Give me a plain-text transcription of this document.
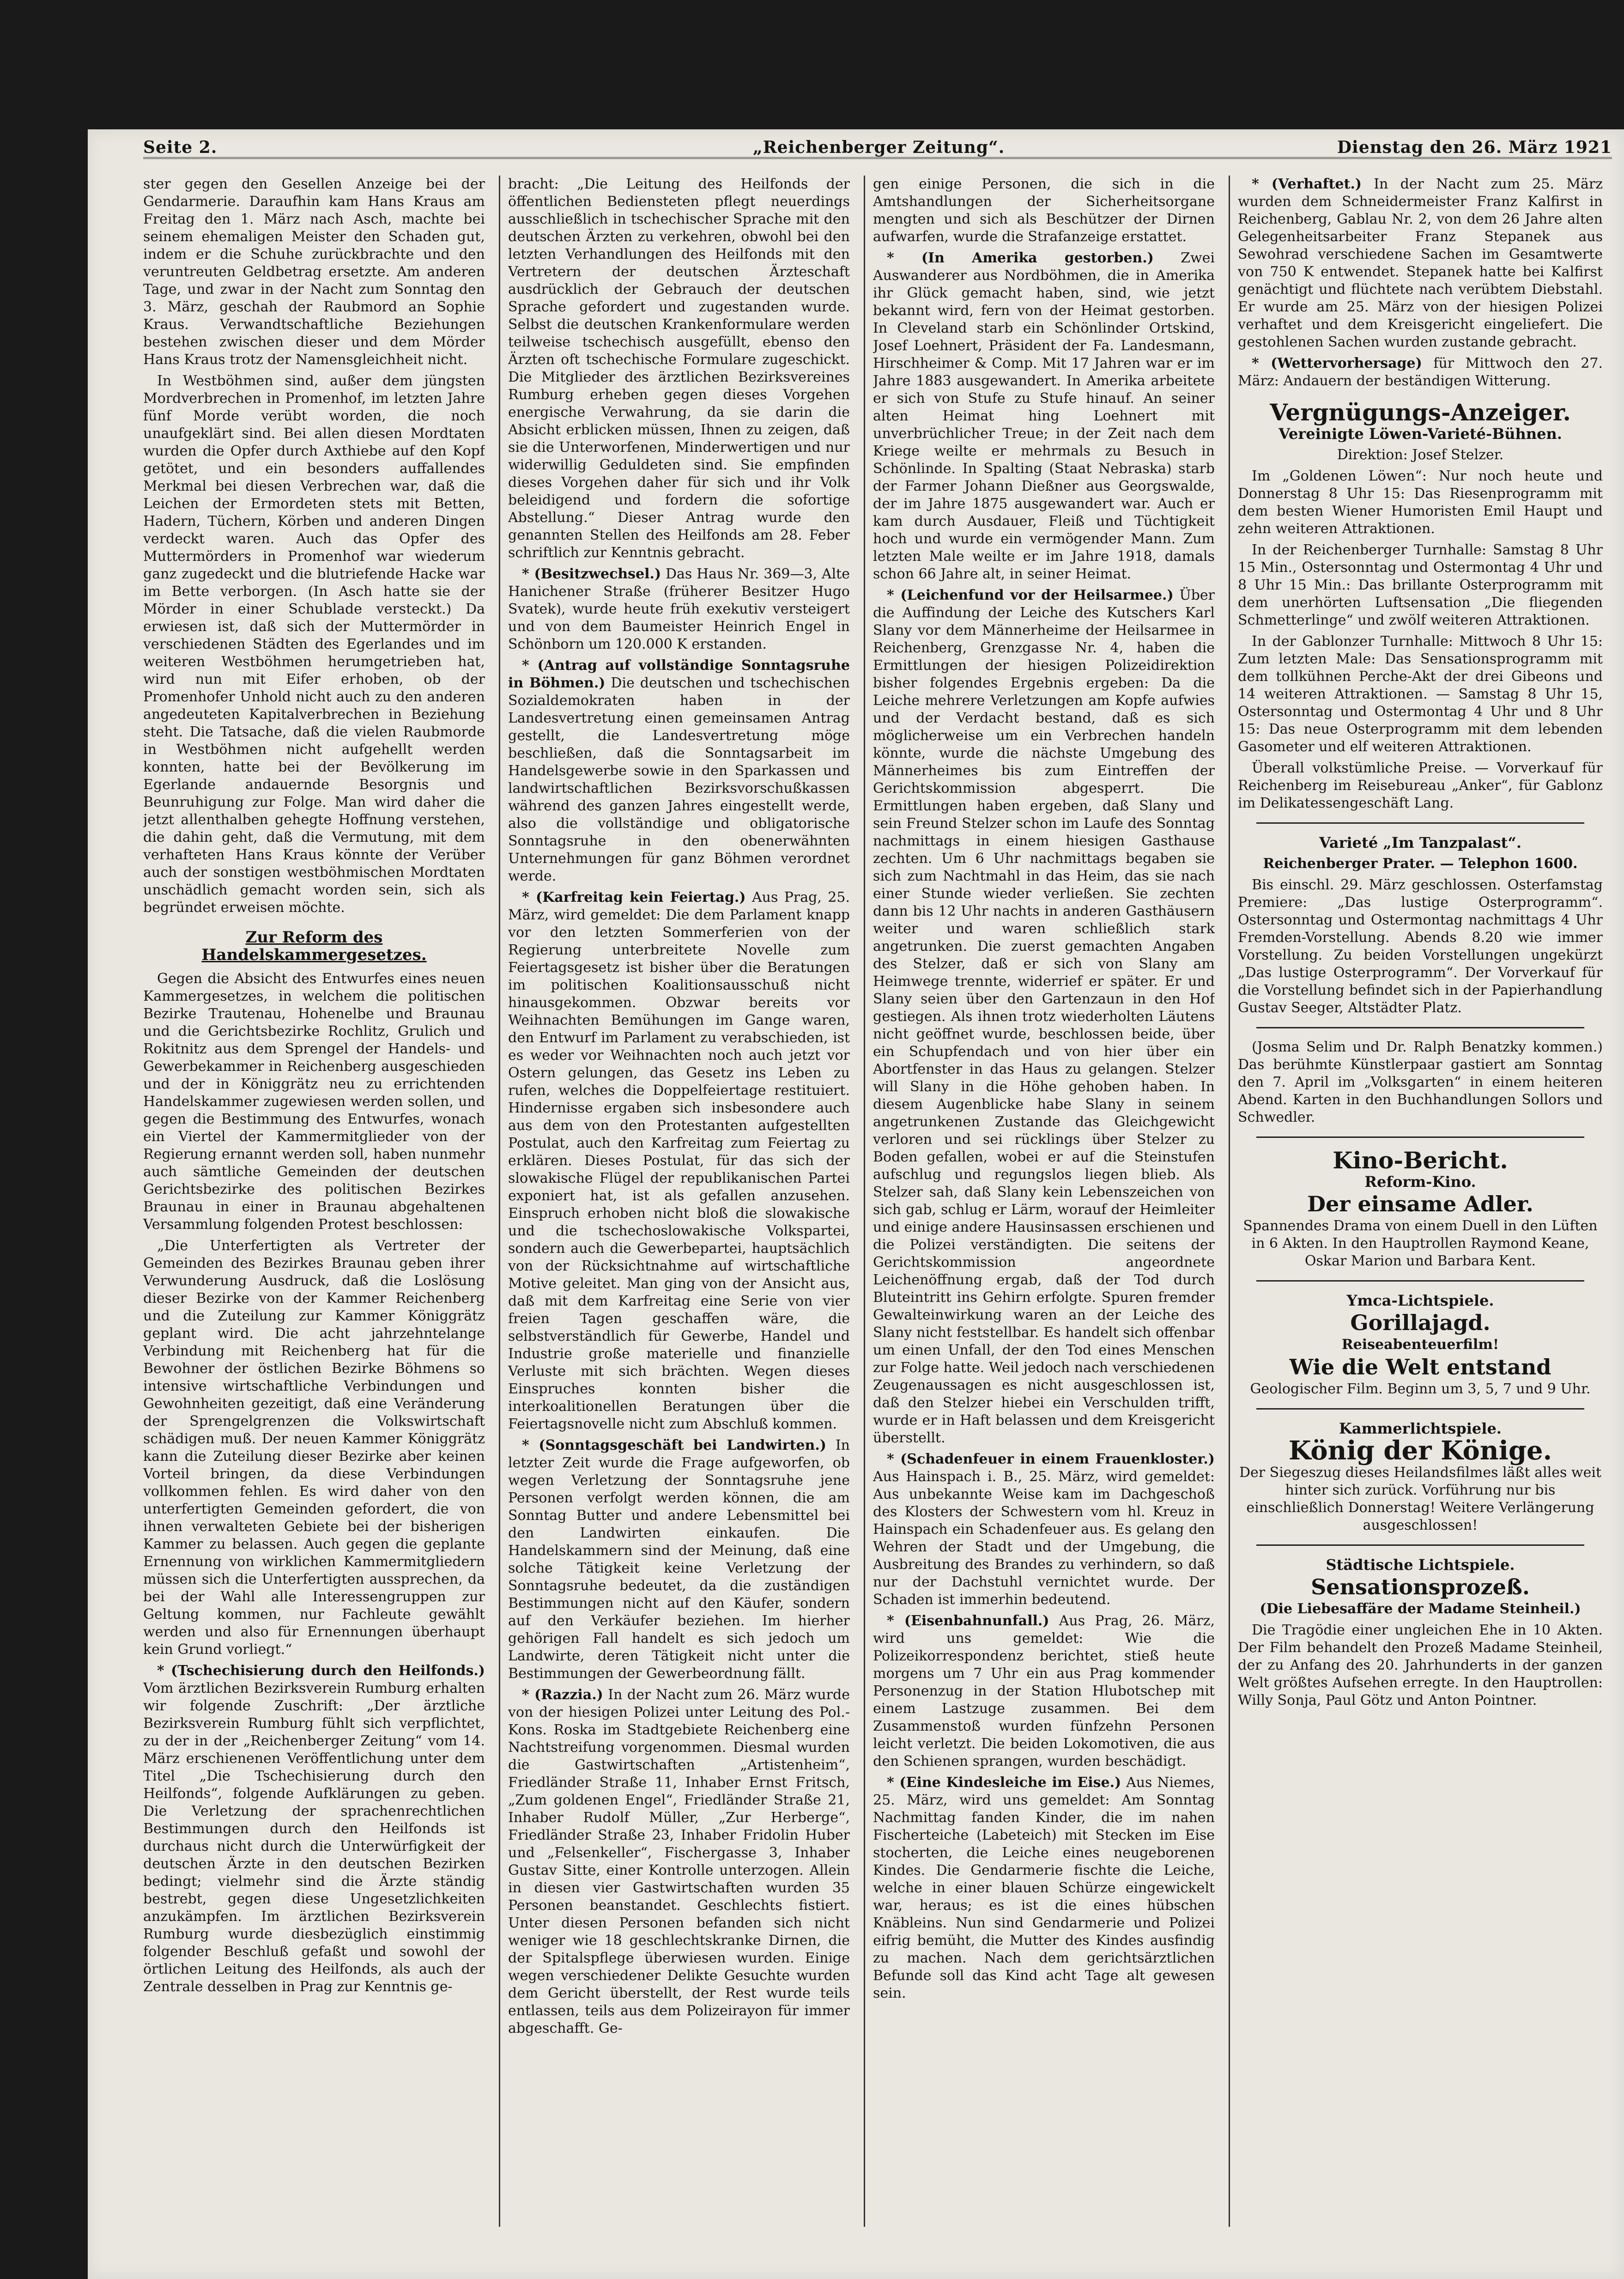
Seite 2.	„Reichenberger Zeitung“.	Dienstag den 26. März 1921

ster gegen den Gesellen Anzeige bei der Gendarmerie. Daraufhin kam Hans Kraus am Freitag den 1. März nach Asch, machte bei seinem ehemaligen Meister den Schaden gut, indem er die Schuhe zurückbrachte und den veruntreuten Geldbetrag ersetzte. Am anderen Tage, und zwar in der Nacht zum Sonntag den 3. März, geschah der Raubmord an Sophie Kraus. Verwandtschaftliche Beziehungen bestehen zwischen dieser und dem Mörder Hans Kraus trotz der Namensgleichheit nicht.

In Westböhmen sind, außer dem jüngsten Mordverbrechen in Promenhof, im letzten Jahre fünf Morde verübt worden, die noch unaufgeklärt sind. Bei allen diesen Mordtaten wurden die Opfer durch Axthiebe auf den Kopf getötet, und ein besonders auffallendes Merkmal bei diesen Verbrechen war, daß die Leichen der Ermordeten stets mit Betten, Hadern, Tüchern, Körben und anderen Dingen verdeckt waren. Auch das Opfer des Muttermörders in Promenhof war wiederum ganz zugedeckt und die blutriefende Hacke war im Bette verborgen. (In Asch hatte sie der Mörder in einer Schublade versteckt.) Da erwiesen ist, daß sich der Muttermörder in verschiedenen Städten des Egerlandes und im weiteren Westböhmen herumgetrieben hat, wird nun mit Eifer erhoben, ob der Promenhofer Unhold nicht auch zu den anderen angedeuteten Kapitalverbrechen in Beziehung steht. Die Tatsache, daß die vielen Raubmorde in Westböhmen nicht aufgehellt werden konnten, hatte bei der Bevölkerung im Egerlande andauernde Besorgnis und Beunruhigung zur Folge. Man wird daher die jetzt allenthalben gehegte Hoffnung verstehen, die dahin geht, daß die Vermutung, mit dem verhafteten Hans Kraus könnte der Verüber auch der sonstigen westböhmischen Mordtaten unschädlich gemacht worden sein, sich als begründet erweisen möchte.

Zur Reform des Handelskammergesetzes.

Gegen die Absicht des Entwurfes eines neuen Kammergesetzes, in welchem die politischen Bezirke Trautenau, Hohenelbe und Braunau und die Gerichtsbezirke Rochlitz, Grulich und Rokitnitz aus dem Sprengel der Handels- und Gewerbekammer in Reichenberg ausgeschieden und der in Königgrätz neu zu errichtenden Handelskammer zugewiesen werden sollen, und gegen die Bestimmung des Entwurfes, wonach ein Viertel der Kammermitglieder von der Regierung ernannt werden soll, haben nunmehr auch sämtliche Gemeinden der deutschen Gerichtsbezirke des politischen Bezirkes Braunau in einer in Braunau abgehaltenen Versammlung folgenden Protest beschlossen:

„Die Unterfertigten als Vertreter der Gemeinden des Bezirkes Braunau geben ihrer Verwunderung Ausdruck, daß die Loslösung dieser Bezirke von der Kammer Reichenberg und die Zuteilung zur Kammer Königgrätz geplant wird. Die acht jahrzehntelange Verbindung mit Reichenberg hat für die Bewohner der östlichen Bezirke Böhmens so intensive wirtschaftliche Verbindungen und Gewohnheiten gezeitigt, daß eine Veränderung der Sprengelgrenzen die Volkswirtschaft schädigen muß. Der neuen Kammer Königgrätz kann die Zuteilung dieser Bezirke aber keinen Vorteil bringen, da diese Verbindungen vollkommen fehlen. Es wird daher von den unterfertigten Gemeinden gefordert, die von ihnen verwalteten Gebiete bei der bisherigen Kammer zu belassen. Auch gegen die geplante Ernennung von wirklichen Kammermitgliedern müssen sich die Unterfertigten aussprechen, da bei der Wahl alle Interessengruppen zur Geltung kommen, nur Fachleute gewählt werden und also für Ernennungen überhaupt kein Grund vorliegt.“

* (Tschechisierung durch den Heilfonds.) Vom ärztlichen Bezirksverein Rumburg erhalten wir folgende Zuschrift: „Der ärztliche Bezirksverein Rumburg fühlt sich verpflichtet, zu der in der „Reichenberger Zeitung“ vom 14. März erschienenen Veröffentlichung unter dem Titel „Die Tschechisierung durch den Heilfonds“, folgende Aufklärungen zu geben. Die Verletzung der sprachenrechtlichen Bestimmungen durch den Heilfonds ist durchaus nicht durch die Unterwürfigkeit der deutschen Ärzte in den deutschen Bezirken bedingt; vielmehr sind die Ärzte ständig bestrebt, gegen diese Ungesetzlichkeiten anzukämpfen. Im ärztlichen Bezirksverein Rumburg wurde diesbezüglich einstimmig folgender Beschluß gefaßt und sowohl der örtlichen Leitung des Heilfonds, als auch der Zentrale desselben in Prag zur Kenntnis ge-

bracht: „Die Leitung des Heilfonds der öffentlichen Bediensteten pflegt neuerdings ausschließlich in tschechischer Sprache mit den deutschen Ärzten zu verkehren, obwohl bei den letzten Verhandlungen des Heilfonds mit den Vertretern der deutschen Ärzteschaft ausdrücklich der Gebrauch der deutschen Sprache gefordert und zugestanden wurde. Selbst die deutschen Krankenformulare werden teilweise tschechisch ausgefüllt, ebenso den Ärzten oft tschechische Formulare zugeschickt. Die Mitglieder des ärztlichen Bezirksvereines Rumburg erheben gegen dieses Vorgehen energische Verwahrung, da sie darin die Absicht erblicken müssen, Ihnen zu zeigen, daß sie die Unterworfenen, Minderwertigen und nur widerwillig Geduldeten sind. Sie empfinden dieses Vorgehen daher für sich und ihr Volk beleidigend und fordern die sofortige Abstellung.“ Dieser Antrag wurde den genannten Stellen des Heilfonds am 28. Feber schriftlich zur Kenntnis gebracht.

* (Besitzwechsel.) Das Haus Nr. 369—3, Alte Hanichener Straße (früherer Besitzer Hugo Svatek), wurde heute früh exekutiv versteigert und von dem Baumeister Heinrich Engel in Schönborn um 120.000 K erstanden.

* (Antrag auf vollständige Sonntagsruhe in Böhmen.) Die deutschen und tschechischen Sozialdemokraten haben in der Landesvertretung einen gemeinsamen Antrag gestellt, die Landesvertretung möge beschließen, daß die Sonntagsarbeit im Handelsgewerbe sowie in den Sparkassen und landwirtschaftlichen Bezirksvorschußkassen während des ganzen Jahres eingestellt werde, also die vollständige und obligatorische Sonntagsruhe in den obenerwähnten Unternehmungen für ganz Böhmen verordnet werde.

* (Karfreitag kein Feiertag.) Aus Prag, 25. März, wird gemeldet: Die dem Parlament knapp vor den letzten Sommerferien von der Regierung unterbreitete Novelle zum Feiertagsgesetz ist bisher über die Beratungen im politischen Koalitionsausschuß nicht hinausgekommen. Obzwar bereits vor Weihnachten Bemühungen im Gange waren, den Entwurf im Parlament zu verabschieden, ist es weder vor Weihnachten noch auch jetzt vor Ostern gelungen, das Gesetz ins Leben zu rufen, welches die Doppelfeiertage restituiert. Hindernisse ergaben sich insbesondere auch aus dem von den Protestanten aufgestellten Postulat, auch den Karfreitag zum Feiertag zu erklären. Dieses Postulat, für das sich der slowakische Flügel der republikanischen Partei exponiert hat, ist als gefallen anzusehen. Einspruch erhoben nicht bloß die slowakische und die tschechoslowakische Volkspartei, sondern auch die Gewerbepartei, hauptsächlich von der Rücksichtnahme auf wirtschaftliche Motive geleitet. Man ging von der Ansicht aus, daß mit dem Karfreitag eine Serie von vier freien Tagen geschaffen wäre, die selbstverständlich für Gewerbe, Handel und Industrie große materielle und finanzielle Verluste mit sich brächten. Wegen dieses Einspruches konnten bisher die interkoalitionellen Beratungen über die Feiertagsnovelle nicht zum Abschluß kommen.

* (Sonntagsgeschäft bei Landwirten.) In letzter Zeit wurde die Frage aufgeworfen, ob wegen Verletzung der Sonntagsruhe jene Personen verfolgt werden können, die am Sonntag Butter und andere Lebensmittel bei den Landwirten einkaufen. Die Handelskammern sind der Meinung, daß eine solche Tätigkeit keine Verletzung der Sonntagsruhe bedeutet, da die zuständigen Bestimmungen nicht auf den Käufer, sondern auf den Verkäufer beziehen. Im hierher gehörigen Fall handelt es sich jedoch um Landwirte, deren Tätigkeit nicht unter die Bestimmungen der Gewerbeordnung fällt.

* (Razzia.) In der Nacht zum 26. März wurde von der hiesigen Polizei unter Leitung des Pol.-Kons. Roska im Stadtgebiete Reichenberg eine Nachtstreifung vorgenommen. Diesmal wurden die Gastwirtschaften „Artistenheim“, Friedländer Straße 11, Inhaber Ernst Fritsch, „Zum goldenen Engel“, Friedländer Straße 21, Inhaber Rudolf Müller, „Zur Herberge“, Friedländer Straße 23, Inhaber Fridolin Huber und „Felsenkeller“, Fischergasse 3, Inhaber Gustav Sitte, einer Kontrolle unterzogen. Allein in diesen vier Gastwirtschaften wurden 35 Personen beanstandet. Geschlechts fistiert. Unter diesen Personen befanden sich nicht weniger wie 18 geschlechtskranke Dirnen, die der Spitalspflege überwiesen wurden. Einige wegen verschiedener Delikte Gesuchte wurden dem Gericht überstellt, der Rest wurde teils entlassen, teils aus dem Polizeirayon für immer abgeschafft. Ge-

gen einige Personen, die sich in die Amtshandlungen der Sicherheitsorgane mengten und sich als Beschützer der Dirnen aufwarfen, wurde die Strafanzeige erstattet.

* (In Amerika gestorben.) Zwei Auswanderer aus Nordböhmen, die in Amerika ihr Glück gemacht haben, sind, wie jetzt bekannt wird, fern von der Heimat gestorben. In Cleveland starb ein Schönlinder Ortskind, Josef Loehnert, Präsident der Fa. Landesmann, Hirschheimer & Comp. Mit 17 Jahren war er im Jahre 1883 ausgewandert. In Amerika arbeitete er sich von Stufe zu Stufe hinauf. An seiner alten Heimat hing Loehnert mit unverbrüchlicher Treue; in der Zeit nach dem Kriege weilte er mehrmals zu Besuch in Schönlinde. In Spalting (Staat Nebraska) starb der Farmer Johann Dießner aus Georgswalde, der im Jahre 1875 ausgewandert war. Auch er kam durch Ausdauer, Fleiß und Tüchtigkeit hoch und wurde ein vermögender Mann. Zum letzten Male weilte er im Jahre 1918, damals schon 66 Jahre alt, in seiner Heimat.

* (Leichenfund vor der Heilsarmee.) Über die Auffindung der Leiche des Kutschers Karl Slany vor dem Männerheime der Heilsarmee in Reichenberg, Grenzgasse Nr. 4, haben die Ermittlungen der hiesigen Polizeidirektion bisher folgendes Ergebnis ergeben: Da die Leiche mehrere Verletzungen am Kopfe aufwies und der Verdacht bestand, daß es sich möglicherweise um ein Verbrechen handeln könnte, wurde die nächste Umgebung des Männerheimes bis zum Eintreffen der Gerichtskommission abgesperrt. Die Ermittlungen haben ergeben, daß Slany und sein Freund Stelzer schon im Laufe des Sonntag nachmittags in einem hiesigen Gasthause zechten. Um 6 Uhr nachmittags begaben sie sich zum Nachtmahl in das Heim, das sie nach einer Stunde wieder verließen. Sie zechten dann bis 12 Uhr nachts in anderen Gasthäusern weiter und waren schließlich stark angetrunken. Die zuerst gemachten Angaben des Stelzer, daß er sich von Slany am Heimwege trennte, widerrief er später. Er und Slany seien über den Gartenzaun in den Hof gestiegen. Als ihnen trotz wiederholten Läutens nicht geöffnet wurde, beschlossen beide, über ein Schupfendach und von hier über ein Abortfenster in das Haus zu gelangen. Stelzer will Slany in die Höhe gehoben haben. In diesem Augenblicke habe Slany in seinem angetrunkenen Zustande das Gleichgewicht verloren und sei rücklings über Stelzer zu Boden gefallen, wobei er auf die Steinstufen aufschlug und regungslos liegen blieb. Als Stelzer sah, daß Slany kein Lebenszeichen von sich gab, schlug er Lärm, worauf der Heimleiter und einige andere Hausinsassen erschienen und die Polizei verständigten. Die seitens der Gerichtskommission angeordnete Leichenöffnung ergab, daß der Tod durch Bluteintritt ins Gehirn erfolgte. Spuren fremder Gewalteinwirkung waren an der Leiche des Slany nicht feststellbar. Es handelt sich offenbar um einen Unfall, der den Tod eines Menschen zur Folge hatte. Weil jedoch nach verschiedenen Zeugenaussagen es nicht ausgeschlossen ist, daß den Stelzer hiebei ein Verschulden trifft, wurde er in Haft belassen und dem Kreisgericht überstellt.

* (Schadenfeuer in einem Frauenkloster.) Aus Hainspach i. B., 25. März, wird gemeldet: Aus unbekannte Weise kam im Dachgeschoß des Klosters der Schwestern vom hl. Kreuz in Hainspach ein Schadenfeuer aus. Es gelang den Wehren der Stadt und der Umgebung, die Ausbreitung des Brandes zu verhindern, so daß nur der Dachstuhl vernichtet wurde. Der Schaden ist immerhin bedeutend.

* (Eisenbahnunfall.) Aus Prag, 26. März, wird uns gemeldet: Wie die Polizeikorrespondenz berichtet, stieß heute morgens um 7 Uhr ein aus Prag kommender Personenzug in der Station Hlubotschep mit einem Lastzuge zusammen. Bei dem Zusammenstoß wurden fünfzehn Personen leicht verletzt. Die beiden Lokomotiven, die aus den Schienen sprangen, wurden beschädigt.

* (Eine Kindesleiche im Eise.) Aus Niemes, 25. März, wird uns gemeldet: Am Sonntag Nachmittag fanden Kinder, die im nahen Fischerteiche (Labeteich) mit Stecken im Eise stocherten, die Leiche eines neugeborenen Kindes. Die Gendarmerie fischte die Leiche, welche in einer blauen Schürze eingewickelt war, heraus; es ist die eines hübschen Knäbleins. Nun sind Gendarmerie und Polizei eifrig bemüht, die Mutter des Kindes ausfindig zu machen. Nach dem gerichtsärztlichen Befunde soll das Kind acht Tage alt gewesen sein.

* (Verhaftet.) In der Nacht zum 25. März wurden dem Schneidermeister Franz Kalfirst in Reichenberg, Gablau Nr. 2, von dem 26 Jahre alten Gelegenheitsarbeiter Franz Stepanek aus Sewohrad verschiedene Sachen im Gesamtwerte von 750 K entwendet. Stepanek hatte bei Kalfirst genächtigt und flüchtete nach verübtem Diebstahl. Er wurde am 25. März von der hiesigen Polizei verhaftet und dem Kreisgericht eingeliefert. Die gestohlenen Sachen wurden zustande gebracht.

* (Wettervorhersage) für Mittwoch den 27. März: Andauern der beständigen Witterung.

Vergnügungs-Anzeiger.
Vereinigte Löwen-Varieté-Bühnen.

Direktion: Josef Stelzer.

Im „Goldenen Löwen“: Nur noch heute und Donnerstag 8 Uhr 15: Das Riesenprogramm mit dem besten Wiener Humoristen Emil Haupt und zehn weiteren Attraktionen.

In der Reichenberger Turnhalle: Samstag 8 Uhr 15 Min., Ostersonntag und Ostermontag 4 Uhr und 8 Uhr 15 Min.: Das brillante Osterprogramm mit dem unerhörten Luftsensation „Die fliegenden Schmetterlinge“ und zwölf weiteren Attraktionen.

In der Gablonzer Turnhalle: Mittwoch 8 Uhr 15: Zum letzten Male: Das Sensationsprogramm mit dem tollkühnen Perche-Akt der drei Gibeons und 14 weiteren Attraktionen. — Samstag 8 Uhr 15, Ostersonntag und Ostermontag 4 Uhr und 8 Uhr 15: Das neue Osterprogramm mit dem lebenden Gasometer und elf weiteren Attraktionen.

Überall volkstümliche Preise. — Vorverkauf für Reichenberg im Reisebureau „Anker“, für Gablonz im Delikatessengeschäft Lang.

Varieté „Im Tanzpalast“.

Reichenberger Prater. — Telephon 1600.

Bis einschl. 29. März geschlossen. Osterfamstag Premiere: „Das lustige Osterprogramm“. Ostersonntag und Ostermontag nachmittags 4 Uhr Fremden-Vorstellung. Abends 8.20 wie immer Vorstellung. Zu beiden Vorstellungen ungekürzt „Das lustige Osterprogramm“. Der Vorverkauf für die Vorstellung befindet sich in der Papierhandlung Gustav Seeger, Altstädter Platz.

(Josma Selim und Dr. Ralph Benatzky kommen.) Das berühmte Künstlerpaar gastiert am Sonntag den 7. April im „Volksgarten“ in einem heiteren Abend. Karten in den Buchhandlungen Sollors und Schwedler.

Kino-Bericht.
Reform-Kino.
Der einsame Adler.

Spannendes Drama von einem Duell in den Lüften in 6 Akten. In den Hauptrollen Raymond Keane, Oskar Marion und Barbara Kent.

Ymca-Lichtspiele.
Gorillajagd.

Reiseabenteuerfilm!

Wie die Welt entstand

Geologischer Film. Beginn um 3, 5, 7 und 9 Uhr.

Kammerlichtspiele.
König der Könige.

Der Siegeszug dieses Heilandsfilmes läßt alles weit hinter sich zurück. Vorführung nur bis einschließlich Donnerstag! Weitere Verlängerung ausgeschlossen!

Städtische Lichtspiele.
Sensationsprozeß.

(Die Liebesaffäre der Madame Steinheil.)

Die Tragödie einer ungleichen Ehe in 10 Akten. Der Film behandelt den Prozeß Madame Steinheil, der zu Anfang des 20. Jahrhunderts in der ganzen Welt größtes Aufsehen erregte. In den Hauptrollen: Willy Sonja, Paul Götz und Anton Pointner.
